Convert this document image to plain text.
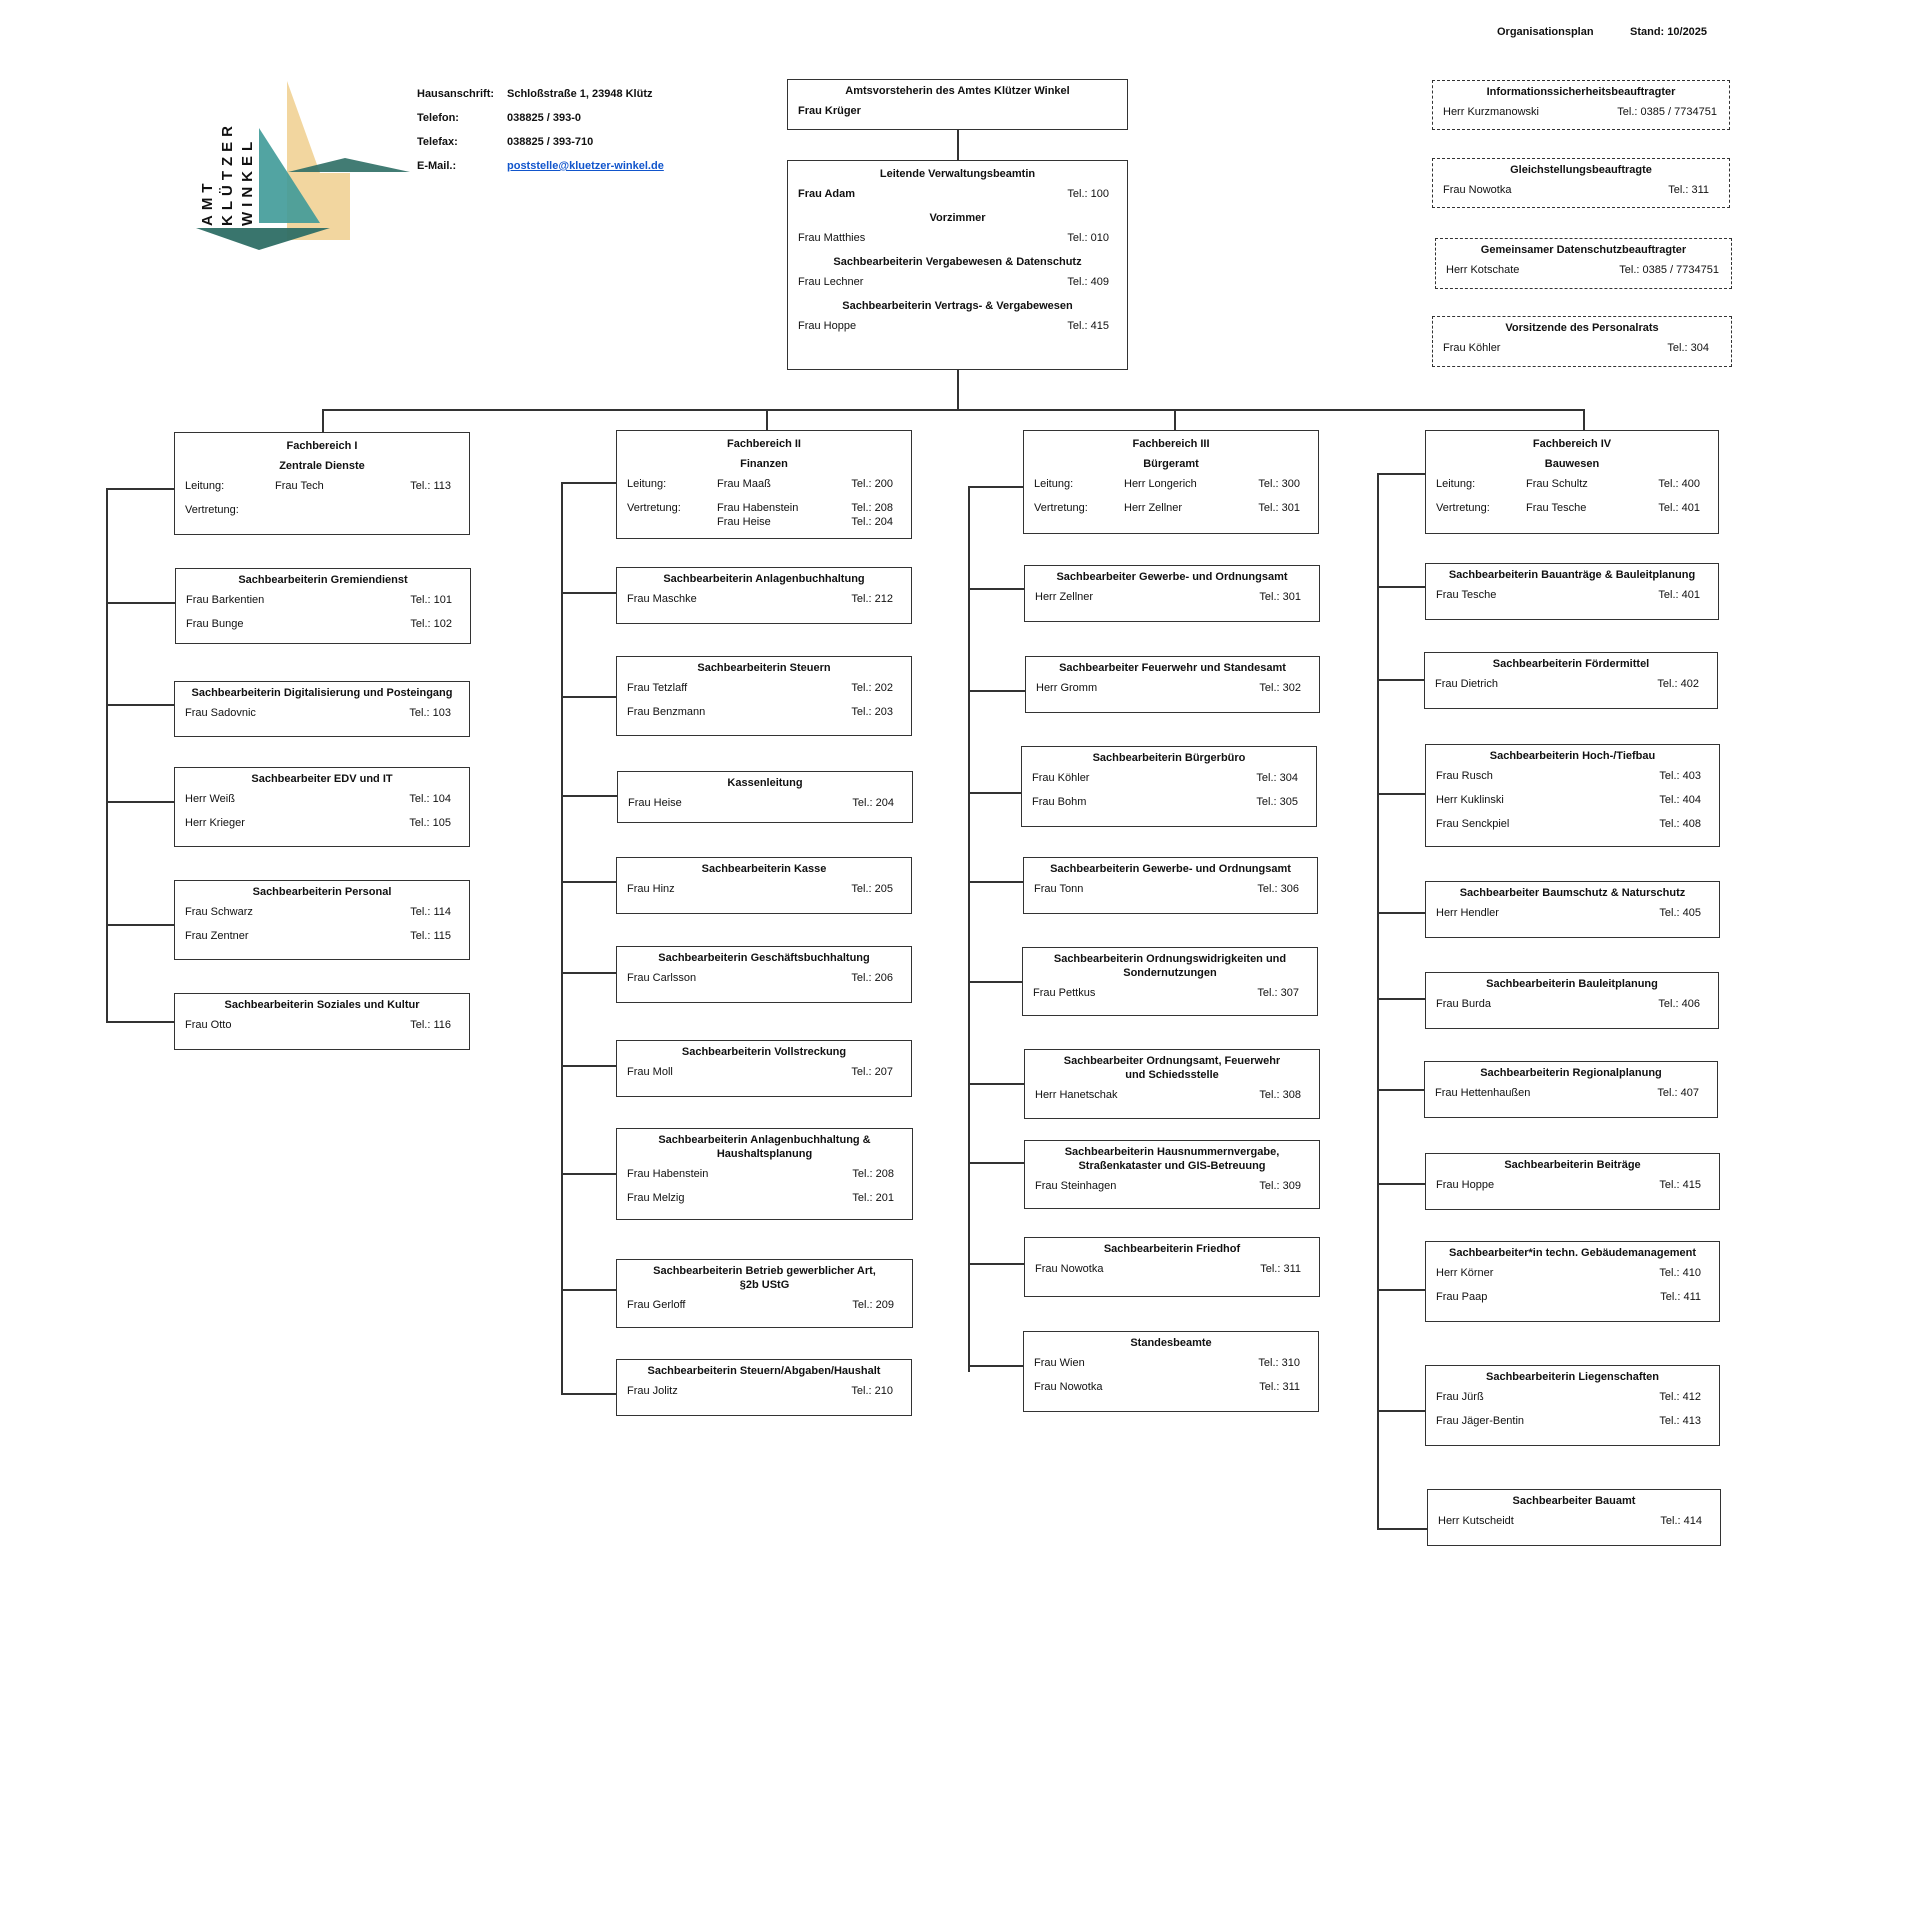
Organisationsplan	Stand: 10/2025
AMT KLÜTZER WINKEL
Hausanschrift: Schloßstraße 1, 23948 Klütz
Telefon:	038825 / 393-0
Telefax:	038825 / 393-710
E-Mail.:	poststelle@kluetzer-winkel.de
Amtsvorsteherin des Amtes Klützer Winkel
Frau Krüger
Leitende Verwaltungsbeamtin
Frau Adam	Tel.: 100
Vorzimmer
Frau Matthies	Tel.: 010
Sachbearbeiterin Vergabewesen & Datenschutz
Frau Lechner	Tel.: 409
Sachbearbeiterin Vertrags- & Vergabewesen
Frau Hoppe	Tel.: 415
Informationssicherheitsbeauftragter
Herr Kurzmanowski	Tel.: 0385 / 7734751
Gleichstellungsbeauftragte
Frau Nowotka	Tel.: 311
Gemeinsamer Datenschutzbeauftragter
Herr Kotschate	Tel.: 0385 / 7734751
Vorsitzende des Personalrats
Frau Köhler	Tel.: 304
Fachbereich I
Zentrale Dienste
Leitung:	Frau Tech	Tel.: 113
Vertretung:
Sachbearbeiterin Gremiendienst
Frau Barkentien	Tel.: 101
Frau Bunge	Tel.: 102
Sachbearbeiterin Digitalisierung und Posteingang
Frau Sadovnic	Tel.: 103
Sachbearbeiter EDV und IT
Herr Weiß	Tel.: 104
Herr Krieger	Tel.: 105
Sachbearbeiterin Personal
Frau Schwarz	Tel.: 114
Frau Zentner	Tel.: 115
Sachbearbeiterin Soziales und Kultur
Frau Otto	Tel.: 116
Fachbereich II
Finanzen
Leitung:	Frau Maaß	Tel.: 200
Vertretung:	Frau Habenstein	Tel.: 208
Frau Heise	Tel.: 204
Sachbearbeiterin Anlagenbuchhaltung
Frau Maschke	Tel.: 212
Sachbearbeiterin Steuern
Frau Tetzlaff	Tel.: 202
Frau Benzmann	Tel.: 203
Kassenleitung
Frau Heise	Tel.: 204
Sachbearbeiterin Kasse
Frau Hinz	Tel.: 205
Sachbearbeiterin Geschäftsbuchhaltung
Frau Carlsson	Tel.: 206
Sachbearbeiterin Vollstreckung
Frau Moll	Tel.: 207
Sachbearbeiterin Anlagenbuchhaltung & Haushaltsplanung
Frau Habenstein	Tel.: 208
Frau Melzig	Tel.: 201
Sachbearbeiterin Betrieb gewerblicher Art, §2b UStG
Frau Gerloff	Tel.: 209
Sachbearbeiterin Steuern/Abgaben/Haushalt
Frau Jolitz	Tel.: 210
Fachbereich III
Bürgeramt
Leitung:	Herr Longerich	Tel.: 300
Vertretung:	Herr Zellner	Tel.: 301
Sachbearbeiter Gewerbe- und Ordnungsamt
Herr Zellner	Tel.: 301
Sachbearbeiter Feuerwehr und Standesamt
Herr Gromm	Tel.: 302
Sachbearbeiterin Bürgerbüro
Frau Köhler	Tel.: 304
Frau Bohm	Tel.: 305
Sachbearbeiterin Gewerbe- und Ordnungsamt
Frau Tonn	Tel.: 306
Sachbearbeiterin Ordnungswidrigkeiten und Sondernutzungen
Frau Pettkus	Tel.: 307
Sachbearbeiter Ordnungsamt, Feuerwehr und Schiedsstelle
Herr Hanetschak	Tel.: 308
Sachbearbeiterin Hausnummernvergabe, Straßenkataster und GIS-Betreuung
Frau Steinhagen	Tel.: 309
Sachbearbeiterin Friedhof
Frau Nowotka	Tel.: 311
Standesbeamte
Frau Wien	Tel.: 310
Frau Nowotka	Tel.: 311
Fachbereich IV
Bauwesen
Leitung:	Frau Schultz	Tel.: 400
Vertretung:	Frau Tesche	Tel.: 401
Sachbearbeiterin Bauanträge & Bauleitplanung
Frau Tesche	Tel.: 401
Sachbearbeiterin Fördermittel
Frau Dietrich	Tel.: 402
Sachbearbeiterin Hoch-/Tiefbau
Frau Rusch	Tel.: 403
Herr Kuklinski	Tel.: 404
Frau Senckpiel	Tel.: 408
Sachbearbeiter Baumschutz & Naturschutz
Herr Hendler	Tel.: 405
Sachbearbeiterin Bauleitplanung
Frau Burda	Tel.: 406
Sachbearbeiterin Regionalplanung
Frau Hettenhaußen	Tel.: 407
Sachbearbeiterin Beiträge
Frau Hoppe	Tel.: 415
Sachbearbeiter*in techn. Gebäudemanagement
Herr Körner	Tel.: 410
Frau Paap	Tel.: 411
Sachbearbeiterin Liegenschaften
Frau Jürß	Tel.: 412
Frau Jäger-Bentin	Tel.: 413
Sachbearbeiter Bauamt
Herr Kutscheidt	Tel.: 414
